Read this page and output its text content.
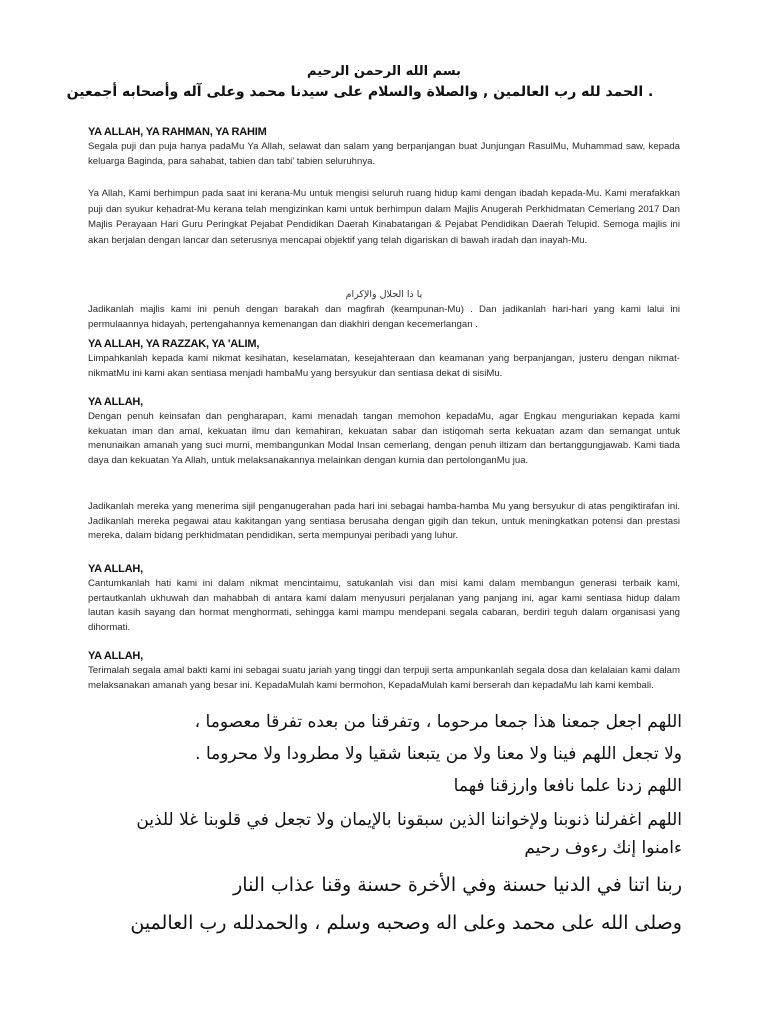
بسم الله الرحمن الرحيم
. الحمد لله رب العالمين , والصلاة والسلام على سيدنا محمد وعلى آله وأصحابه أجمعين
YA ALLAH, YA RAHMAN, YA RAHIM
Segala puji dan puja hanya padaMu Ya Allah, selawat dan salam yang berpanjangan buat Junjungan RasulMu, Muhammad saw, kepada keluarga Baginda, para sahabat, tabien dan tabi’ tabien seluruhnya.
Ya Allah, Kami berhimpun pada saat ini kerana-Mu untuk mengisi seluruh ruang hidup kami dengan ibadah kepada-Mu. Kami merafakkan puji dan syukur kehadrat-Mu kerana telah mengizinkan kami untuk berhimpun dalam Majlis Anugerah Perkhidmatan Cemerlang 2017 Dan Majlis Perayaan Hari Guru Peringkat Pejabat Pendidikan Daerah Kinabatangan & Pejabat Pendidikan Daerah Telupid. Semoga majlis ini akan berjalan dengan lancar dan seterusnya mencapai objektif yang telah digariskan di bawah iradah dan inayah-Mu.
يا ذا الجلال والإكرام
Jadikanlah majlis kami ini penuh dengan barakah dan magfirah (keampunan-Mu) . Dan jadikanlah hari-hari yang kami lalui ini permulaannya hidayah, pertengahannya kemenangan dan diakhiri dengan kecemerlangan .
YA ALLAH, YA RAZZAK, YA 'ALIM,
Limpahkanlah kepada kami nikmat kesihatan, keselamatan, kesejahteraan dan keamanan yang berpanjangan, justeru dengan nikmat-nikmatMu ini kami akan sentiasa menjadi hambaMu yang bersyukur dan sentiasa dekat di sisiMu.
YA ALLAH,
Dengan penuh keinsafan dan pengharapan, kami menadah tangan memohon kepadaMu, agar Engkau menguriakan kepada kami kekuatan iman dan amal, kekuatan ilmu dan kemahiran, kekuatan sabar dan istiqomah serta kekuatan azam dan semangat untuk menunaikan amanah yang suci murni, membangunkan Modal Insan cemerlang, dengan penuh iltizam dan bertanggungjawab. Kami tiada daya dan kekuatan Ya Allah, untuk melaksanakannya melainkan dengan kurnia dan pertolonganMu jua.
Jadikanlah mereka yang menerima sijil penganugerahan pada hari ini sebagai hamba-hamba Mu yang bersyukur di atas pengiktirafan ini. Jadikanlah mereka pegawai atau kakitangan yang sentiasa berusaha dengan gigih dan tekun, untuk meningkatkan potensi dan prestasi mereka, dalam bidang perkhidmatan pendidikan, serta mempunyai peribadi yang luhur.
YA ALLAH,
Cantumkanlah hati kami ini dalam nikmat mencintaimu, satukanlah visi dan misi kami dalam membangun generasi terbaik kami, pertautkanlah ukhuwah dan mahabbah di antara kami dalam menyusuri perjalanan yang panjang ini, agar kami sentiasa hidup dalam lautan kasih sayang dan hormat menghormati, sehingga kami mampu mendepani segala cabaran, berdiri teguh dalam organisasi yang dihormati.
YA ALLAH,
Terimalah segala amal bakti kami ini sebagai suatu jariah yang tinggi dan terpuji serta ampunkanlah segala dosa dan kelalaian kami dalam melaksanakan amanah yang besar ini. KepadaMulah kami bermohon, KepadaMulah kami berserah dan kepadaMu lah kami kembali.
اللهم اجعل جمعنا هذا جمعا مرحوما ، وتفرقنا من بعده تفرقا معصوما ،
ولا تجعل اللهم فينا ولا معنا ولا من يتبعنا شقيا ولا مطرودا ولا محروما .
اللهم زدنا علما نافعا وارزقنا فهما
اللهم اغفرلنا ذنوبنا ولإخواننا الذين سبقونا بالإيمان ولا تجعل في قلوبنا غلا للذين
ءامنوا إنك رءوف رحيم
ربنا اتنا في الدنيا حسنة وفي الأخرة حسنة وقنا عذاب النار
وصلى الله على محمد وعلى اله وصحبه وسلم ، والحمدلله رب العالمين
